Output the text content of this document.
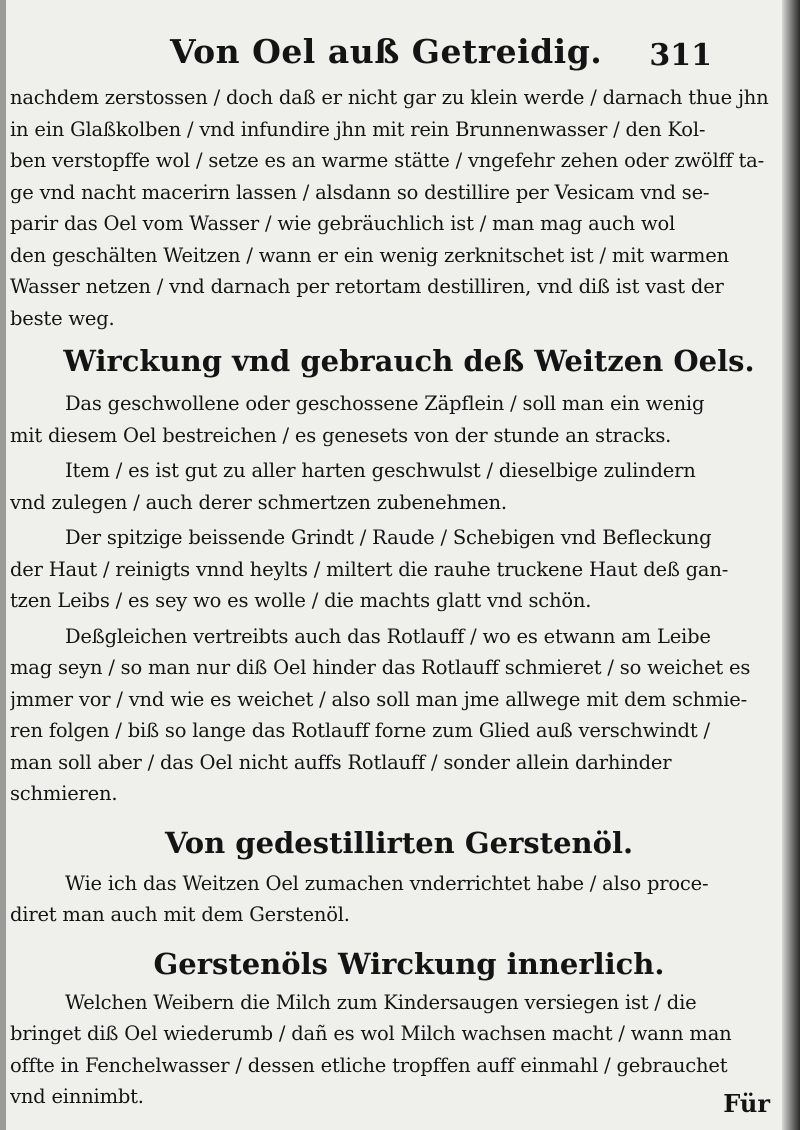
Von Oel auß Getreidig. 311
nachdem zerstossen / doch daß er nicht gar zu klein werde / darnach thue jhn
in ein Glaßkolben / vnd infundire jhn mit rein Brunnenwasser / den Kol-
ben verstopffe wol / setze es an warme stätte / vngefehr zehen oder zwölff ta-
ge vnd nacht macerirn lassen / alsdann so destillire per Vesicam vnd se-
parir das Oel vom Wasser / wie gebräuchlich ist / man mag auch wol
den geschälten Weitzen / wann er ein wenig zerknitschet ist / mit warmen
Wasser netzen / vnd darnach per retortam destilliren, vnd diß ist vast der
beste weg.
Wirckung vnd gebrauch deß Weitzen Oels.
Das geschwollene oder geschossene Zäpflein / soll man ein wenig
mit diesem Oel bestreichen / es genesets von der stunde an stracks.
Item / es ist gut zu aller harten geschwulst / dieselbige zulindern
vnd zulegen / auch derer schmertzen zubenehmen.
Der spitzige beissende Grindt / Raude / Schebigen vnd Befleckung
der Haut / reinigts vnnd heylts / miltert die rauhe truckene Haut deß gan-
tzen Leibs / es sey wo es wolle / die machts glatt vnd schön.
Deßgleichen vertreibts auch das Rotlauff / wo es etwann am Leibe
mag seyn / so man nur diß Oel hinder das Rotlauff schmieret / so weichet es
jmmer vor / vnd wie es weichet / also soll man jme allwege mit dem schmie-
ren folgen / biß so lange das Rotlauff forne zum Glied auß verschwindt /
man soll aber / das Oel nicht auffs Rotlauff / sonder allein darhinder
schmieren.
Von gedestillirten Gerstenöl.
Wie ich das Weitzen Oel zumachen vnderrichtet habe / also proce-
diret man auch mit dem Gerstenöl.
Gerstenöls Wirckung innerlich.
Welchen Weibern die Milch zum Kindersaugen versiegen ist / die
bringet diß Oel wiederumb / dañ es wol Milch wachsen macht / wann man
offte in Fenchelwasser / dessen etliche tropffen auff einmahl / gebrauchet
vnd einnimbt.	Für
